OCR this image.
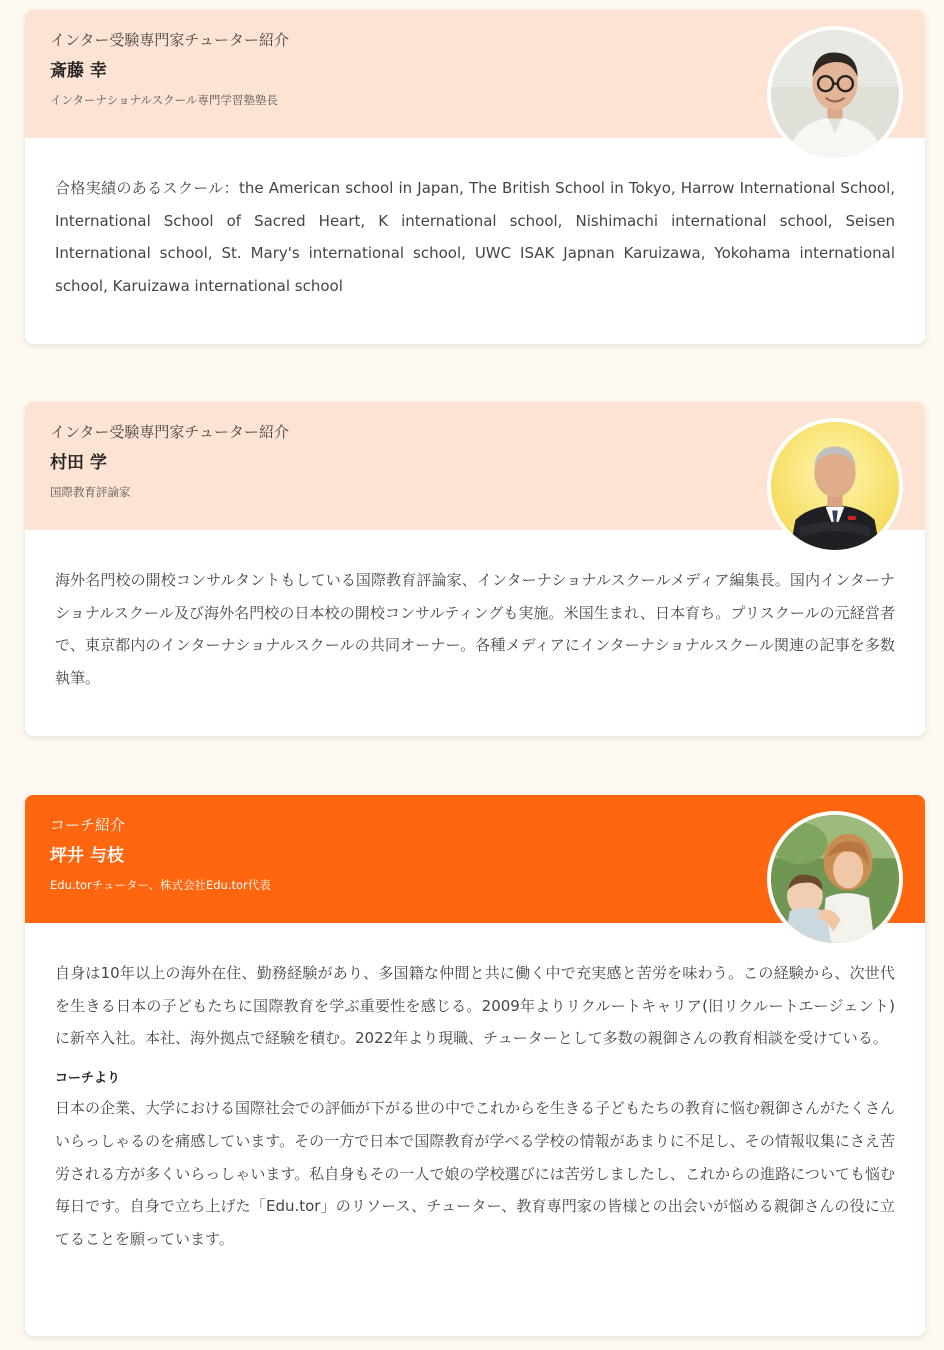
インター受験専門家チューター紹介
斎藤 幸
インターナショナルスクール専門学習塾塾長

合格実績のあるスクール：the American school in Japan, The British School in Tokyo, Harrow International School, International School of Sacred Heart, K international school, Nishimachi international school, Seisen International school, St. Mary's international school, UWC ISAK Japnan Karuizawa, Yokohama international school, Karuizawa international school

インター受験専門家チューター紹介
村田 学
国際教育評論家

海外名門校の開校コンサルタントもしている国際教育評論家、インターナショナルスクールメディア編集長。国内インターナショナルスクール及び海外名門校の日本校の開校コンサルティングも実施。米国生まれ、日本育ち。プリスクールの元経営者で、東京都内のインターナショナルスクールの共同オーナー。各種メディアにインターナショナルスクール関連の記事を多数執筆。

コーチ紹介
坪井 与枝
Edu.torチューター、株式会社Edu.tor代表

自身は10年以上の海外在住、勤務経験があり、多国籍な仲間と共に働く中で充実感と苦労を味わう。この経験から、次世代を生きる日本の子どもたちに国際教育を学ぶ重要性を感じる。2009年よりリクルートキャリア(旧リクルートエージェント)に新卒入社。本社、海外拠点で経験を積む。2022年より現職、チューターとして多数の親御さんの教育相談を受けている。

コーチより

日本の企業、大学における国際社会での評価が下がる世の中でこれからを生きる子どもたちの教育に悩む親御さんがたくさんいらっしゃるのを痛感しています。その一方で日本で国際教育が学べる学校の情報があまりに不足し、その情報収集にさえ苦労される方が多くいらっしゃいます。私自身もその一人で娘の学校選びには苦労しましたし、これからの進路についても悩む毎日です。自身で立ち上げた「Edu.tor」のリソース、チューター、教育専門家の皆様との出会いが悩める親御さんの役に立てることを願っています。
